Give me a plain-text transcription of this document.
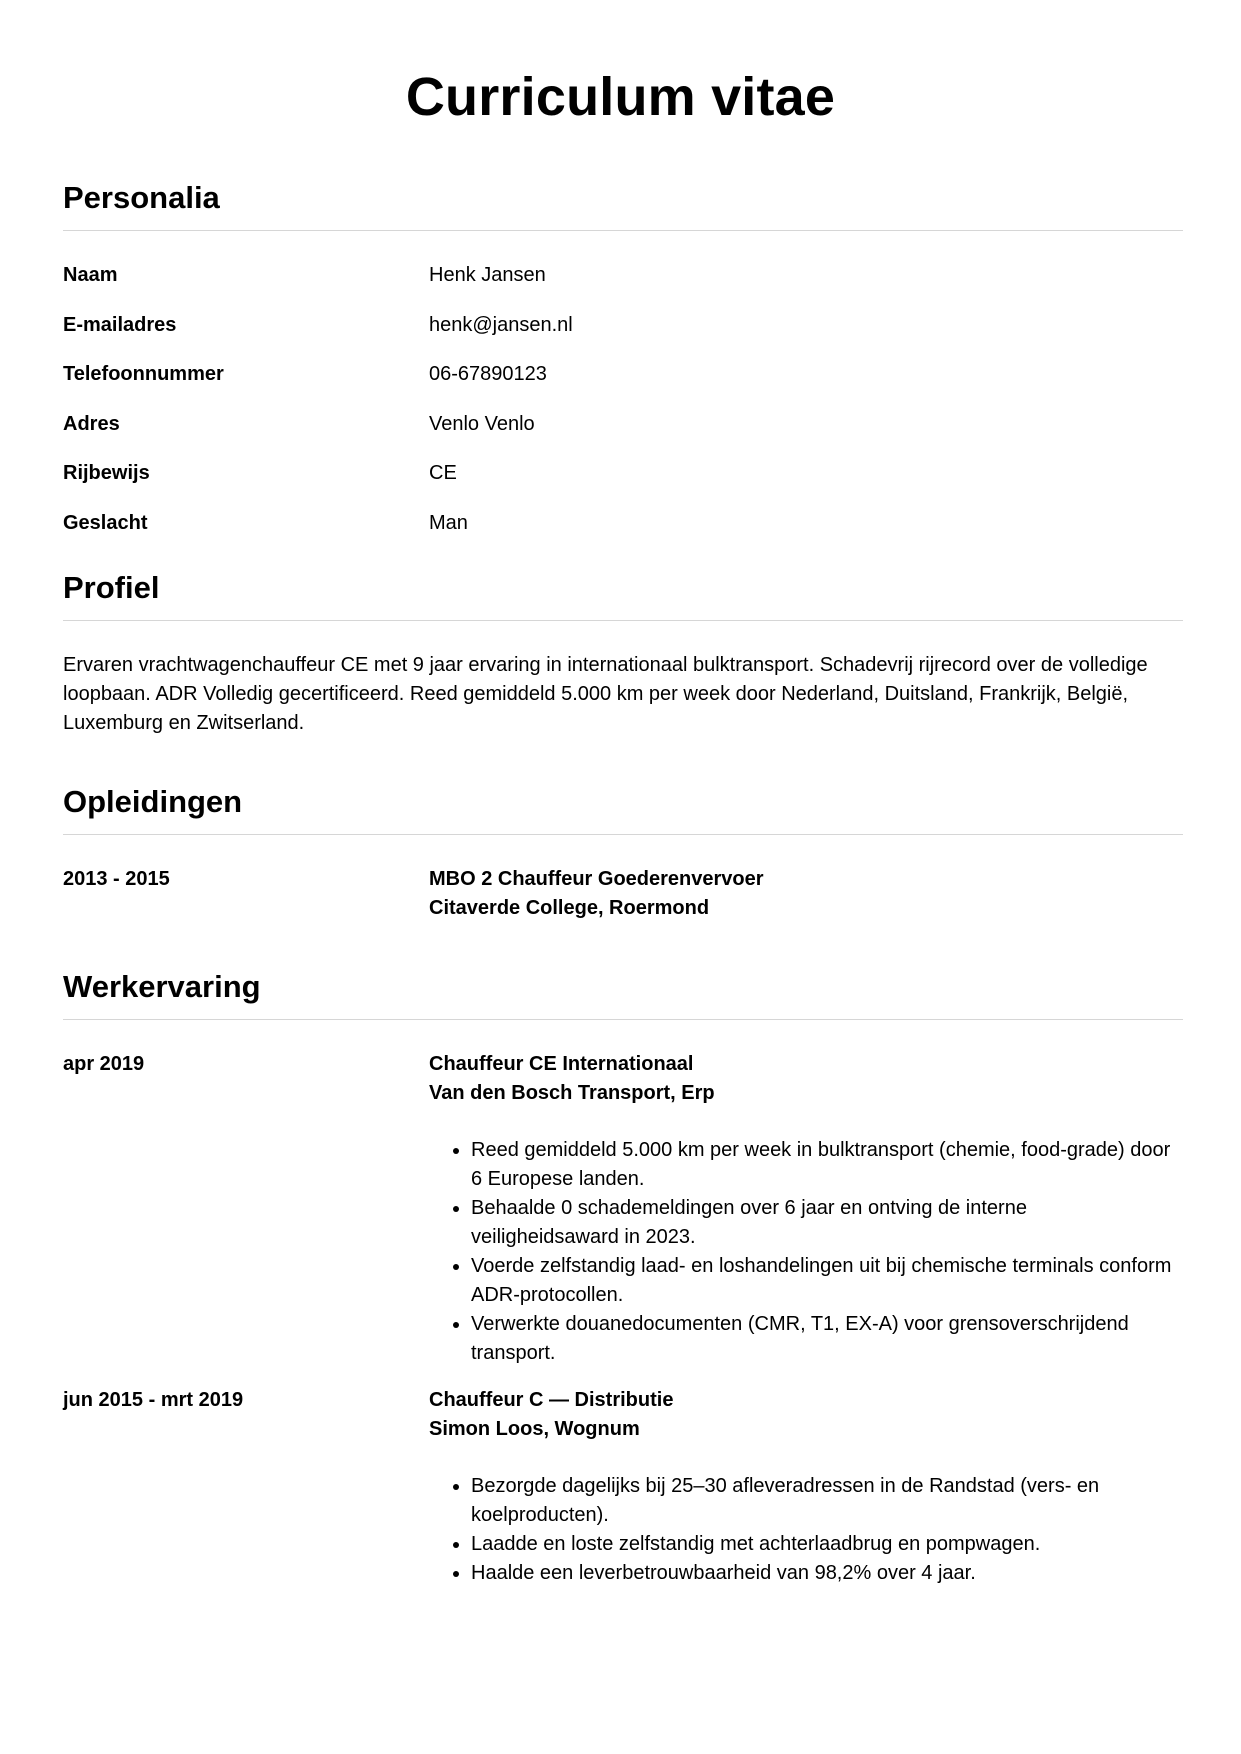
Curriculum vitae
Personalia
Naam	Henk Jansen
E-mailadres	henk@jansen.nl
Telefoonnummer	06-67890123
Adres	Venlo Venlo
Rijbewijs	CE
Geslacht	Man
Profiel

Ervaren vrachtwagenchauffeur CE met 9 jaar ervaring in internationaal bulktransport. Schadevrij rijrecord over de volledige loopbaan. ADR Volledig gecertificeerd. Reed gemiddeld 5.000 km per week door Nederland, Duitsland, Frankrijk, België, Luxemburg en Zwitserland.

Opleidingen
2013 - 2015	MBO 2 Chauffeur Goederenvervoer
Citaverde College, Roermond
Werkervaring
apr 2019	Chauffeur CE Internationaal
Van den Bosch Transport, Erp
• Reed gemiddeld 5.000 km per week in bulktransport (chemie, food-grade) door 6 Europese landen.
• Behaalde 0 schademeldingen over 6 jaar en ontving de interne veiligheidsaward in 2023.
• Voerde zelfstandig laad- en loshandelingen uit bij chemische terminals conform ADR-protocollen.
• Verwerkte douanedocumenten (CMR, T1, EX-A) voor grensoverschrijdend transport.
jun 2015 - mrt 2019	Chauffeur C — Distributie
Simon Loos, Wognum
• Bezorgde dagelijks bij 25–30 afleveradressen in de Randstad (vers- en koelproducten).
• Laadde en loste zelfstandig met achterlaadbrug en pompwagen.
• Haalde een leverbetrouwbaarheid van 98,2% over 4 jaar.
